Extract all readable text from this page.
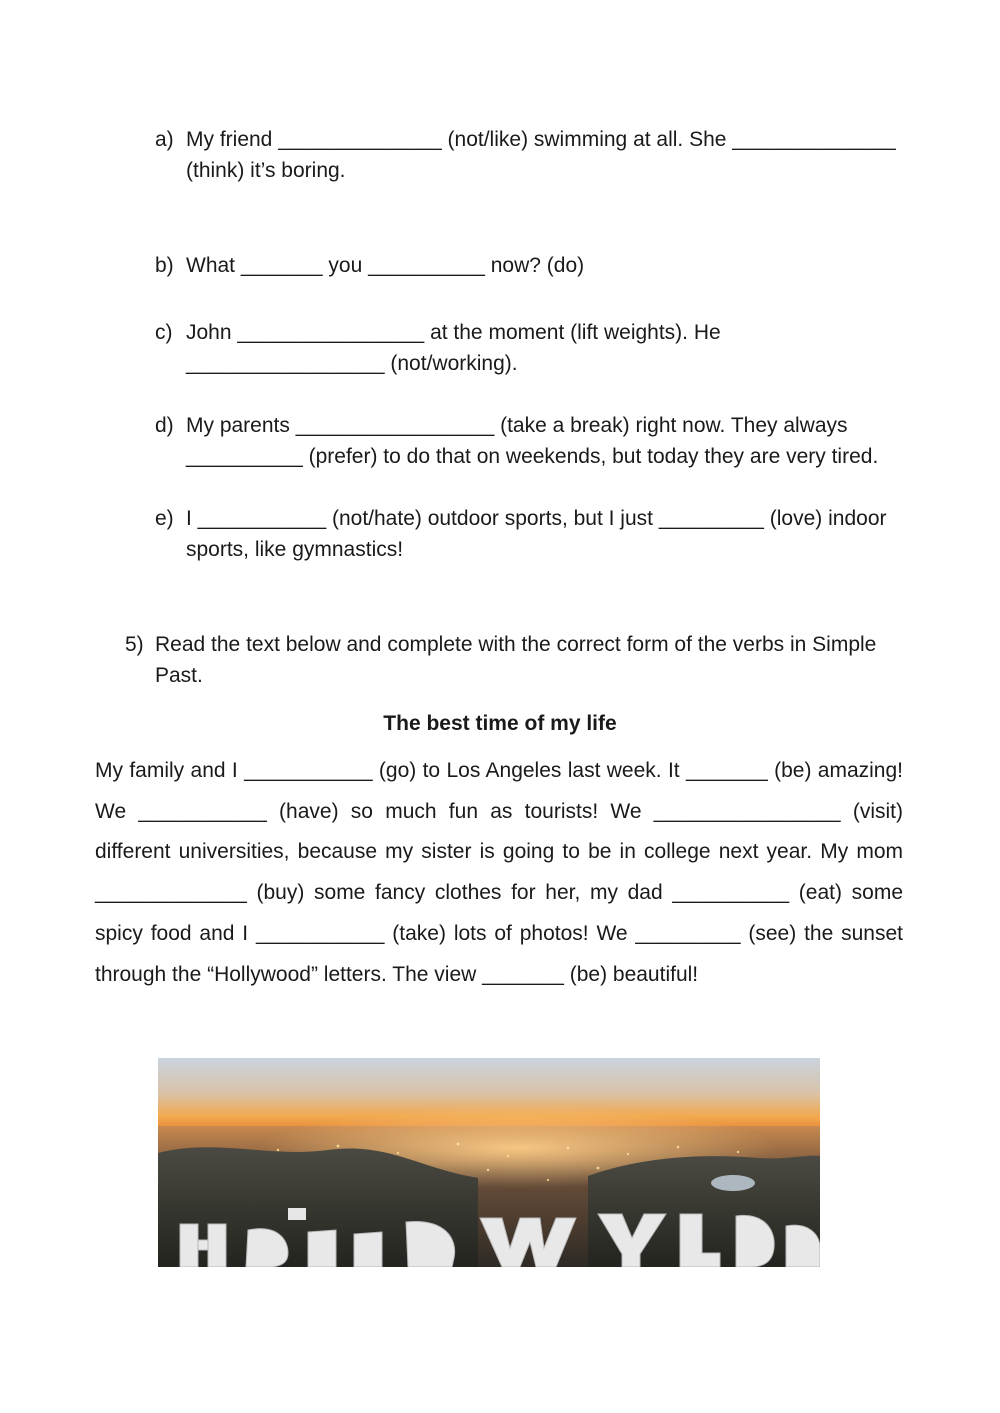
a) My friend ______________ (not/like) swimming at all. She ______________ (think) it’s boring.
b) What _______ you __________ now? (do)
c) John ________________ at the moment (lift weights). He _________________ (not/working).
d) My parents _________________ (take a break) right now. They always __________ (prefer) to do that on weekends, but today they are very tired.
e) I ___________ (not/hate) outdoor sports, but I just _________ (love) indoor sports, like gymnastics!
5) Read the text below and complete with the correct form of the verbs in Simple Past.
The best time of my life
My family and I ___________ (go) to Los Angeles last week. It _______ (be) amazing! We ___________ (have) so much fun as tourists! We ________________ (visit) different universities, because my sister is going to be in college next year. My mom _____________ (buy) some fancy clothes for her, my dad __________ (eat) some spicy food and I ___________ (take) lots of photos! We _________ (see) the sunset through the “Hollywood” letters. The view _______ (be) beautiful!
